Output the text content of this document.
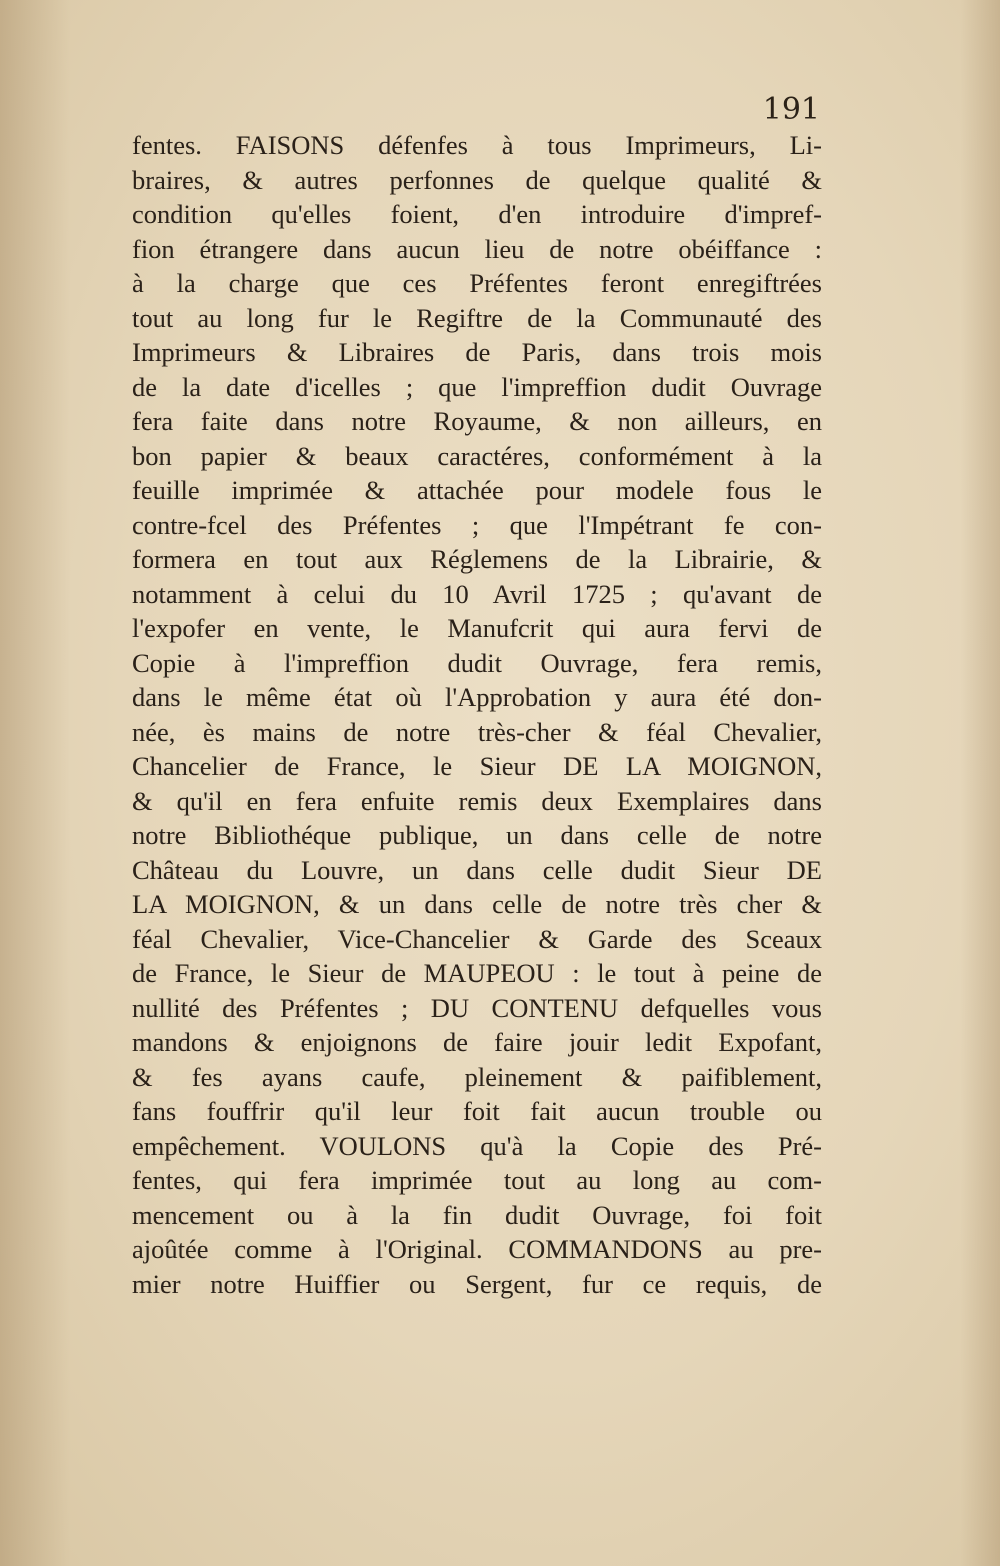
191
fentes. FAISONS défenfes à tous Imprimeurs, Li-
braires, & autres perfonnes de quelque qualité &
condition qu'elles foient, d'en introduire d'impref-
fion étrangere dans aucun lieu de notre obéiffance :
à la charge que ces Préfentes feront enregiftrées
tout au long fur le Regiftre de la Communauté des
Imprimeurs & Libraires de Paris, dans trois mois
de la date d'icelles ; que l'impreffion dudit Ouvrage
fera faite dans notre Royaume, & non ailleurs, en
bon papier & beaux caractéres, conformément à la
feuille imprimée & attachée pour modele fous le
contre-fcel des Préfentes ; que l'Impétrant fe con-
formera en tout aux Réglemens de la Librairie, &
notamment à celui du 10 Avril 1725 ; qu'avant de
l'expofer en vente, le Manufcrit qui aura fervi de
Copie à l'impreffion dudit Ouvrage, fera remis,
dans le même état où l'Approbation y aura été don-
née, ès mains de notre très-cher & féal Chevalier,
Chancelier de France, le Sieur DE LA MOIGNON,
& qu'il en fera enfuite remis deux Exemplaires dans
notre Bibliothéque publique, un dans celle de notre
Château du Louvre, un dans celle dudit Sieur DE
LA MOIGNON, & un dans celle de notre très cher &
féal Chevalier, Vice-Chancelier & Garde des Sceaux
de France, le Sieur de MAUPEOU : le tout à peine de
nullité des Préfentes ; DU CONTENU defquelles vous
mandons & enjoignons de faire jouir ledit Expofant,
& fes ayans caufe, pleinement & paifiblement,
fans fouffrir qu'il leur foit fait aucun trouble ou
empêchement. VOULONS qu'à la Copie des Pré-
fentes, qui fera imprimée tout au long au com-
mencement ou à la fin dudit Ouvrage, foi foit
ajoûtée comme à l'Original. COMMANDONS au pre-
mier notre Huiffier ou Sergent, fur ce requis, de
